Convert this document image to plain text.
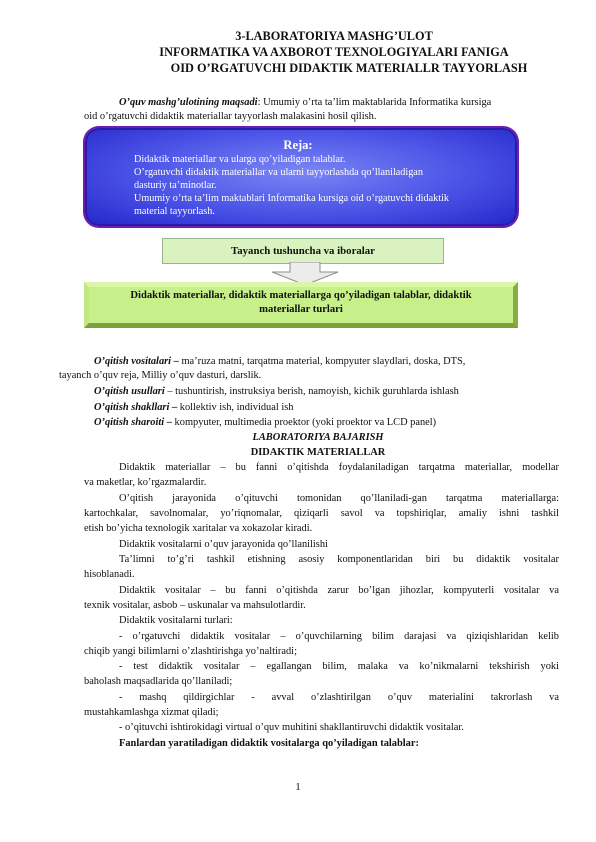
3-LABORATORIYA MASHG’ULOT
INFORMATIKA VA AXBOROT TEXNOLOGIYALARI FANIGA
OID O’RGATUVCHI DIDAKTIK MATERIALLR TAYYORLASH
O’quv mashg’ulotining maqsadi: Umumiy o’rta ta’lim maktablarida Informatika kursiga
oid o’rgatuvchi didaktik materiallar tayyorlash malakasini hosil qilish.
Reja:
Didaktik materiallar va ularga qo’yiladigan talablar.
O’rgatuvchi didaktik materiallar va ularni tayyorlashda qo’llaniladigan
dasturiy ta’minotlar.
Umumiy o’rta ta’lim maktablari Informatika kursiga oid o’rgatuvchi didaktik
material tayyorlash.
Tayanch tushuncha va iboralar
Didaktik materiallar, didaktik materiallarga qo’yiladigan talablar, didaktik
materiallar turlari
O’qitish vositalari – ma’ruza matni, tarqatma material, kompyuter slaydlari, doska, DTS,
tayanch o’quv reja, Milliy o’quv dasturi, darslik.
O’qitish usullari – tushuntirish, instruksiya berish, namoyish, kichik guruhlarda ishlash
O’qitish shakllari – kollektiv ish, individual ish
O’qitish sharoiti – kompyuter, multimedia proektor (yoki proektor va LCD panel)
LABORATORIYA BAJARISH
DIDAKTIK MATERIALLAR
Didaktik materiallar – bu fanni o’qitishda foydalaniladigan tarqatma materiallar, modellar
va maketlar, ko’rgazmalardir.
O’qitish jarayonida o’qituvchi tomonidan qo’llaniladi-gan tarqatma materiallarga:
kartochkalar, savolnomalar, yo’riqnomalar, qiziqarli savol va topshiriqlar, amaliy ishni tashkil
etish bo’yicha texnologik xaritalar va xokazolar kiradi.
Didaktik vositalarni o’quv jarayonida qo’llanilishi
Ta’limni to’g’ri tashkil etishning asosiy komponentlaridan biri bu didaktik vositalar
hisoblanadi.
Didaktik vositalar – bu fanni o’qitishda zarur bo’lgan jihozlar, kompyuterli vositalar va
texnik vositalar, asbob – uskunalar va mahsulotlardir.
Didaktik vositalarni turlari:
- o’rgatuvchi didaktik vositalar – o’quvchilarning bilim darajasi va qiziqishlaridan kelib
chiqib yangi bilimlarni o’zlashtirishga yo’naltiradi;
- test didaktik vositalar – egallangan bilim, malaka va ko’nikmalarni tekshirish yoki
baholash maqsadlarida qo’llaniladi;
- mashq qildirgichlar - avval o’zlashtirilgan o’quv materialini takrorlash va
mustahkamlashga xizmat qiladi;
- o’qituvchi ishtirokidagi virtual o’quv muhitini shakllantiruvchi didaktik vositalar.
Fanlardan yaratiladigan didaktik vositalarga qo’yiladigan talablar:
1
